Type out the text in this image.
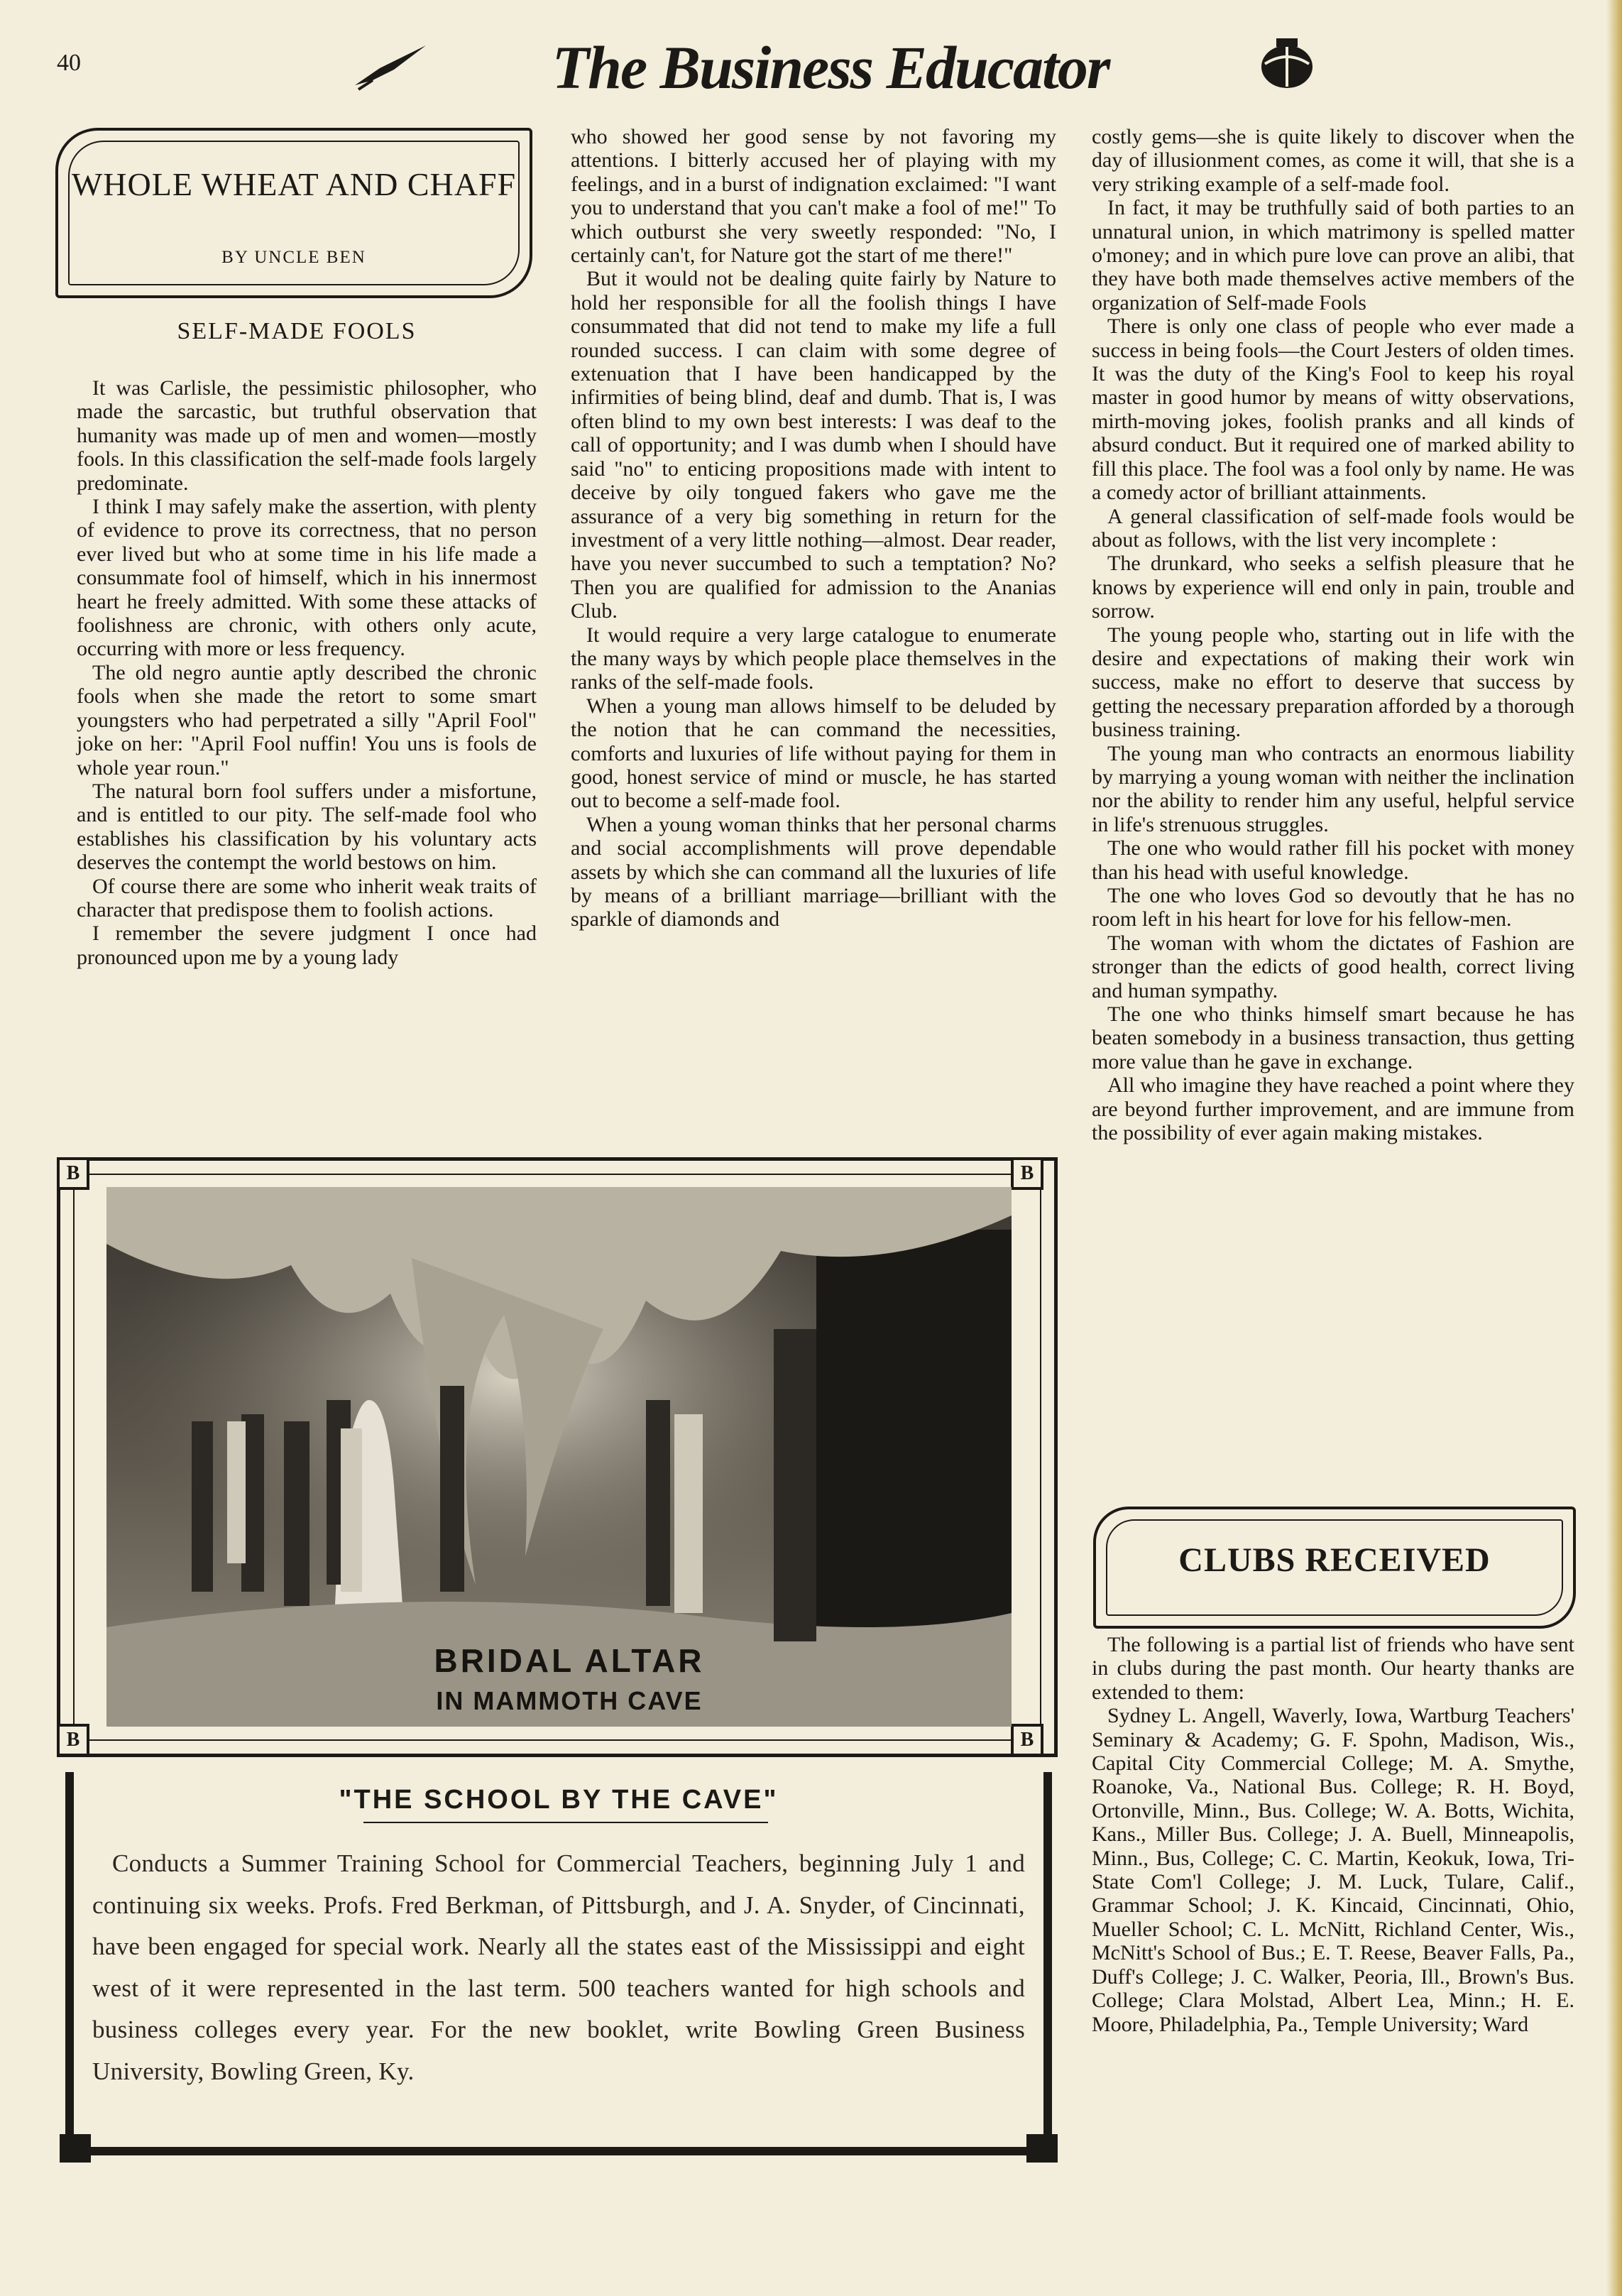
40	The Business Educator
WHOLE WHEAT AND CHAFF
BY UNCLE BEN
SELF-MADE FOOLS

It was Carlisle, the pessimistic philosopher, who made the sarcastic, but truthful observation that humanity was made up of men and women—mostly fools. In this classification the self-made fools largely predominate.

I think I may safely make the assertion, with plenty of evidence to prove its correctness, that no person ever lived but who at some time in his life made a consummate fool of himself, which in his innermost heart he freely admitted. With some these attacks of foolishness are chronic, with others only acute, occurring with more or less frequency.

The old negro auntie aptly described the chronic fools when she made the retort to some smart youngsters who had perpetrated a silly "April Fool" joke on her: "April Fool nuffin! You uns is fools de whole year roun."

The natural born fool suffers under a misfortune, and is entitled to our pity. The self-made fool who establishes his classification by his voluntary acts deserves the contempt the world bestows on him.

Of course there are some who inherit weak traits of character that predispose them to foolish actions.

I remember the severe judgment I once had pronounced upon me by a young lady

who showed her good sense by not favoring my attentions. I bitterly accused her of playing with my feelings, and in a burst of indignation exclaimed: "I want you to understand that you can't make a fool of me!" To which outburst she very sweetly responded: "No, I certainly can't, for Nature got the start of me there!"

But it would not be dealing quite fairly by Nature to hold her responsible for all the foolish things I have consummated that did not tend to make my life a full rounded success. I can claim with some degree of extenuation that I have been handicapped by the infirmities of being blind, deaf and dumb. That is, I was often blind to my own best interests: I was deaf to the call of opportunity; and I was dumb when I should have said "no" to enticing propositions made with intent to deceive by oily tongued fakers who gave me the assurance of a very big something in return for the investment of a very little nothing—almost. Dear reader, have you never succumbed to such a temptation? No? Then you are qualified for admission to the Ananias Club.

It would require a very large catalogue to enumerate the many ways by which people place themselves in the ranks of the self-made fools.

When a young man allows himself to be deluded by the notion that he can command the necessities, comforts and luxuries of life without paying for them in good, honest service of mind or muscle, he has started out to become a self-made fool.

When a young woman thinks that her personal charms and social accomplishments will prove dependable assets by which she can command all the luxuries of life by means of a brilliant marriage—brilliant with the sparkle of diamonds and

costly gems—she is quite likely to discover when the day of illusionment comes, as come it will, that she is a very striking example of a self-made fool.

In fact, it may be truthfully said of both parties to an unnatural union, in which matrimony is spelled matter o'money; and in which pure love can prove an alibi, that they have both made themselves active members of the organization of Self-made Fools

There is only one class of people who ever made a success in being fools—the Court Jesters of olden times. It was the duty of the King's Fool to keep his royal master in good humor by means of witty observations, mirth-moving jokes, foolish pranks and all kinds of absurd conduct. But it required one of marked ability to fill this place. The fool was a fool only by name. He was a comedy actor of brilliant attainments.

A general classification of self-made fools would be about as follows, with the list very incomplete :

The drunkard, who seeks a selfish pleasure that he knows by experience will end only in pain, trouble and sorrow.

The young people who, starting out in life with the desire and expectations of making their work win success, make no effort to deserve that success by getting the necessary preparation afforded by a thorough business training.

The young man who contracts an enormous liability by marrying a young woman with neither the inclination nor the ability to render him any useful, helpful service in life's strenuous struggles.

The one who would rather fill his pocket with money than his head with useful knowledge.

The one who loves God so devoutly that he has no room left in his heart for love for his fellow-men.

The woman with whom the dictates of Fashion are stronger than the edicts of good health, correct living and human sympathy.

The one who thinks himself smart because he has beaten somebody in a business transaction, thus getting more value than he gave in exchange.

All who imagine they have reached a point where they are beyond further improvement, and are immune from the possibility of ever again making mistakes.

B	B
B	B
BRIDAL ALTAR
IN MAMMOTH CAVE
"THE SCHOOL BY THE CAVE"

Conducts a Summer Training School for Commercial Teachers, beginning July 1 and continuing six weeks. Profs. Fred Berkman, of Pittsburgh, and J. A. Snyder, of Cincinnati, have been engaged for special work. Nearly all the states east of the Mississippi and eight west of it were represented in the last term. 500 teachers wanted for high schools and business colleges every year. For the new booklet, write Bowling Green Business University, Bowling Green, Ky.

CLUBS RECEIVED

The following is a partial list of friends who have sent in clubs during the past month. Our hearty thanks are extended to them:

Sydney L. Angell, Waverly, Iowa, Wartburg Teachers' Seminary & Academy; G. F. Spohn, Madison, Wis., Capital City Commercial College; M. A. Smythe, Roanoke, Va., National Bus. College; R. H. Boyd, Ortonville, Minn., Bus. College; W. A. Botts, Wichita, Kans., Miller Bus. College; J. A. Buell, Minneapolis, Minn., Bus, College; C. C. Martin, Keokuk, Iowa, Tri-State Com'l College; J. M. Luck, Tulare, Calif., Grammar School; J. K. Kincaid, Cincinnati, Ohio, Mueller School; C. L. McNitt, Richland Center, Wis., McNitt's School of Bus.; E. T. Reese, Beaver Falls, Pa., Duff's College; J. C. Walker, Peoria, Ill., Brown's Bus. College; Clara Molstad, Albert Lea, Minn.; H. E. Moore, Philadelphia, Pa., Temple University; Ward
